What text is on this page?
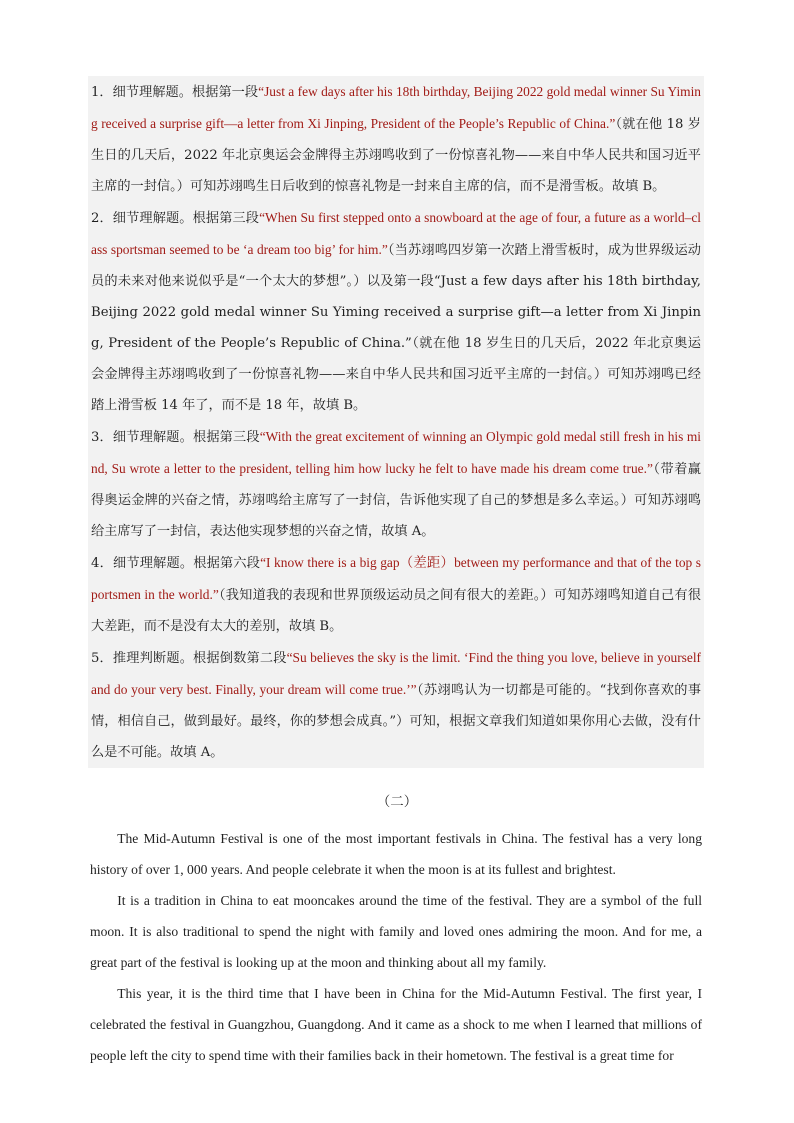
1．细节理解题。根据第一段“Just a few days after his 18th birthday, Beijing 2022 gold medal winner Su Yiming received a surprise gift—a letter from Xi Jinping, President of the People’s Republic of China.”（就在他 18 岁生日的几天后，2022 年北京奥运会金牌得主苏翊鸣收到了一份惊喜礼物——来自中华人民共和国习近平主席的一封信。）可知苏翊鸣生日后收到的惊喜礼物是一封来自主席的信，而不是滑雪板。故填 B。

2．细节理解题。根据第三段“When Su first stepped onto a snowboard at the age of four, a future as a world–class sportsman seemed to be ‘a dream too big’ for him.”（当苏翊鸣四岁第一次踏上滑雪板时，成为世界级运动员的未来对他来说似乎是“一个太大的梦想”。）以及第一段“Just a few days after his 18th birthday, Beijing 2022 gold medal winner Su Yiming received a surprise gift—a letter from Xi Jinping, President of the People’s Republic of China.”（就在他 18 岁生日的几天后，2022 年北京奥运会金牌得主苏翊鸣收到了一份惊喜礼物——来自中华人民共和国习近平主席的一封信。）可知苏翊鸣已经踏上滑雪板 14 年了，而不是 18 年，故填 B。

3．细节理解题。根据第三段“With the great excitement of winning an Olympic gold medal still fresh in his mind, Su wrote a letter to the president, telling him how lucky he felt to have made his dream come true.”（带着赢得奥运金牌的兴奋之情，苏翊鸣给主席写了一封信，告诉他实现了自己的梦想是多么幸运。）可知苏翊鸣给主席写了一封信，表达他实现梦想的兴奋之情，故填 A。

4．细节理解题。根据第六段“I know there is a big gap（差距）between my performance and that of the top sportsmen in the world.”（我知道我的表现和世界顶级运动员之间有很大的差距。）可知苏翊鸣知道自己有很大差距，而不是没有太大的差别，故填 B。

5．推理判断题。根据倒数第二段“Su believes the sky is the limit. ‘Find the thing you love, believe in yourself and do your very best. Finally, your dream will come true.’”（苏翊鸣认为一切都是可能的。“找到你喜欢的事情，相信自己，做到最好。最终，你的梦想会成真。”）可知，根据文章我们知道如果你用心去做，没有什么是不可能。故填 A。

（二）

The Mid-Autumn Festival is one of the most important festivals in China. The festival has a very long history of over 1, 000 years. And people celebrate it when the moon is at its fullest and brightest.

It is a tradition in China to eat mooncakes around the time of the festival. They are a symbol of the full moon. It is also traditional to spend the night with family and loved ones admiring the moon. And for me, a great part of the festival is looking up at the moon and thinking about all my family.

This year, it is the third time that I have been in China for the Mid-Autumn Festival. The first year, I celebrated the festival in Guangzhou, Guangdong. And it came as a shock to me when I learned that millions of people left the city to spend time with their families back in their hometown. The festival is a great time for
